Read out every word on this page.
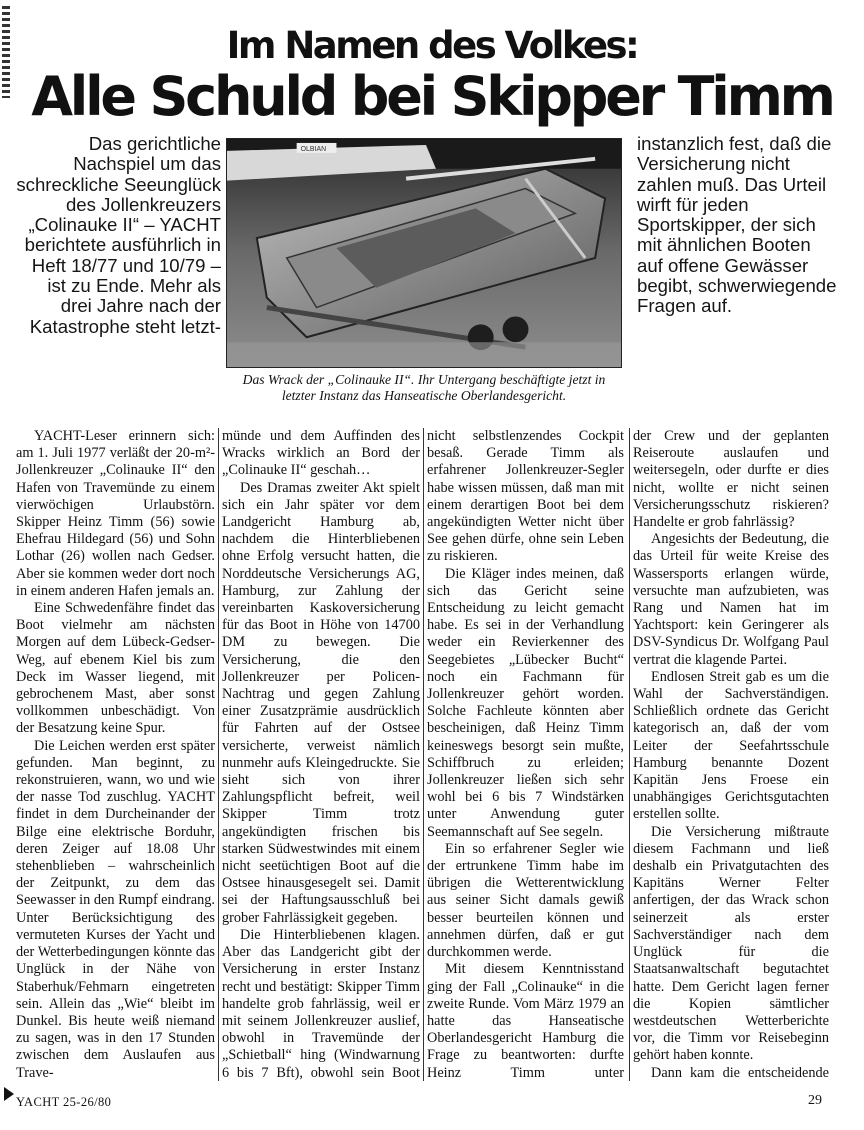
Im Namen des Volkes:
Alle Schuld bei Skipper Timm
Das gerichtliche Nachspiel um das schreckliche Seeunglück des Jollenkreuzers „Colinauke II“ – YACHT berichtete ausführlich in Heft 18/77 und 10/79 – ist zu Ende. Mehr als drei Jahre nach der Katastrophe steht letzt-
OLBIAN
Das Wrack der „Colinauke II“. Ihr Untergang beschäftigte jetzt in letzter Instanz das Hanseatische Oberlandesgericht.
instanzlich fest, daß die Versicherung nicht zahlen muß. Das Urteil wirft für jeden Sportskipper, der sich mit ähnlichen Booten auf offene Gewässer begibt, schwerwiegende Fragen auf.

YACHT-Leser erinnern sich: am 1. Juli 1977 verläßt der 20-m²-Jollenkreuzer „Colinauke II“ den Hafen von Travemünde zu einem vierwöchigen Urlaubstörn. Skipper Heinz Timm (56) sowie Ehefrau Hildegard (56) und Sohn Lothar (26) wollen nach Gedser. Aber sie kommen weder dort noch in einem anderen Hafen jemals an.

Eine Schwedenfähre findet das Boot vielmehr am nächsten Morgen auf dem Lübeck-Gedser-Weg, auf ebenem Kiel bis zum Deck im Wasser liegend, mit gebrochenem Mast, aber sonst vollkommen unbeschädigt. Von der Besatzung keine Spur.

Die Leichen werden erst später gefunden. Man beginnt, zu rekonstruieren, wann, wo und wie der nasse Tod zuschlug. YACHT findet in dem Durcheinander der Bilge eine elektrische Borduhr, deren Zeiger auf 18.08 Uhr stehenblieben – wahrscheinlich der Zeitpunkt, zu dem das Seewasser in den Rumpf eindrang. Unter Berücksichtigung des vermuteten Kurses der Yacht und der Wetterbedingungen könnte das Unglück in der Nähe von Staberhuk/Fehmarn eingetreten sein. Allein das „Wie“ bleibt im Dunkel. Bis heute weiß niemand zu sagen, was in den 17 Stunden zwischen dem Auslaufen aus Trave-

münde und dem Auffinden des Wracks wirklich an Bord der „Colinauke II“ geschah…

Des Dramas zweiter Akt spielt sich ein Jahr später vor dem Landgericht Hamburg ab, nachdem die Hinterbliebenen ohne Erfolg versucht hatten, die Norddeutsche Versicherungs AG, Hamburg, zur Zahlung der vereinbarten Kaskoversicherung für das Boot in Höhe von 14700 DM zu bewegen. Die Versicherung, die den Jollenkreuzer per Policen-Nachtrag und gegen Zahlung einer Zusatzprämie ausdrücklich für Fahrten auf der Ostsee versicherte, verweist nämlich nunmehr aufs Kleingedruckte. Sie sieht sich von ihrer Zahlungspflicht befreit, weil Skipper Timm trotz angekündigten frischen bis starken Südwestwindes mit einem nicht seetüchtigen Boot auf die Ostsee hinausgesegelt sei. Damit sei der Haftungsausschluß bei grober Fahrlässigkeit gegeben.

Die Hinterbliebenen klagen. Aber das Landgericht gibt der Versicherung in erster Instanz recht und bestätigt: Skipper Timm handelte grob fahrlässig, weil er mit seinem Jollenkreuzer auslief, obwohl in Travemünde der „Schietball“ hing (Windwarnung 6 bis 7 Bft), obwohl sein Boot

nicht selbstlenzendes Cockpit besaß. Gerade Timm als erfahrener Jollenkreuzer-Segler habe wissen müssen, daß man mit einem derartigen Boot bei dem angekündigten Wetter nicht über See gehen dürfe, ohne sein Leben zu riskieren.

Die Kläger indes meinen, daß sich das Gericht seine Entscheidung zu leicht gemacht habe. Es sei in der Verhandlung weder ein Revierkenner des Seegebietes „Lübecker Bucht“ noch ein Fachmann für Jollenkreuzer gehört worden. Solche Fachleute könnten aber bescheinigen, daß Heinz Timm keineswegs besorgt sein mußte, Schiffbruch zu erleiden; Jollenkreuzer ließen sich sehr wohl bei 6 bis 7 Windstärken unter Anwendung guter Seemannschaft auf See segeln.

Ein so erfahrener Segler wie der ertrunkene Timm habe im übrigen die Wetterentwicklung aus seiner Sicht damals gewiß besser beurteilen können und annehmen dürfen, daß er gut durchkommen werde.

Mit diesem Kenntnisstand ging der Fall „Colinauke“ in die zweite Runde. Vom März 1979 an hatte das Hanseatische Oberlandesgericht Hamburg die Frage zu beantworten: durfte Heinz Timm unter

der Crew und der geplanten Reiseroute auslaufen und weitersegeln, oder durfte er dies nicht, wollte er nicht seinen Versicherungsschutz riskieren? Handelte er grob fahrlässig?

Angesichts der Bedeutung, die das Urteil für weite Kreise des Wassersports erlangen würde, versuchte man aufzubieten, was Rang und Namen hat im Yachtsport: kein Geringerer als DSV-Syndicus Dr. Wolfgang Paul vertrat die klagende Partei.

Endlosen Streit gab es um die Wahl der Sachverständigen. Schließlich ordnete das Gericht kategorisch an, daß der vom Leiter der Seefahrtsschule Hamburg benannte Dozent Kapitän Jens Froese ein unabhängiges Gerichtsgutachten erstellen sollte.

Die Versicherung mißtraute diesem Fachmann und ließ deshalb ein Privatgutachten des Kapitäns Werner Felter anfertigen, der das Wrack schon seinerzeit als erster Sachverständiger nach dem Unglück für die Staatsanwaltschaft begutachtet hatte. Dem Gericht lagen ferner die Kopien sämtlicher westdeutschen Wetterberichte vor, die Timm vor Reisebeginn gehört haben konnte.

Dann kam die entscheidende

YACHT 25-26/80	29
